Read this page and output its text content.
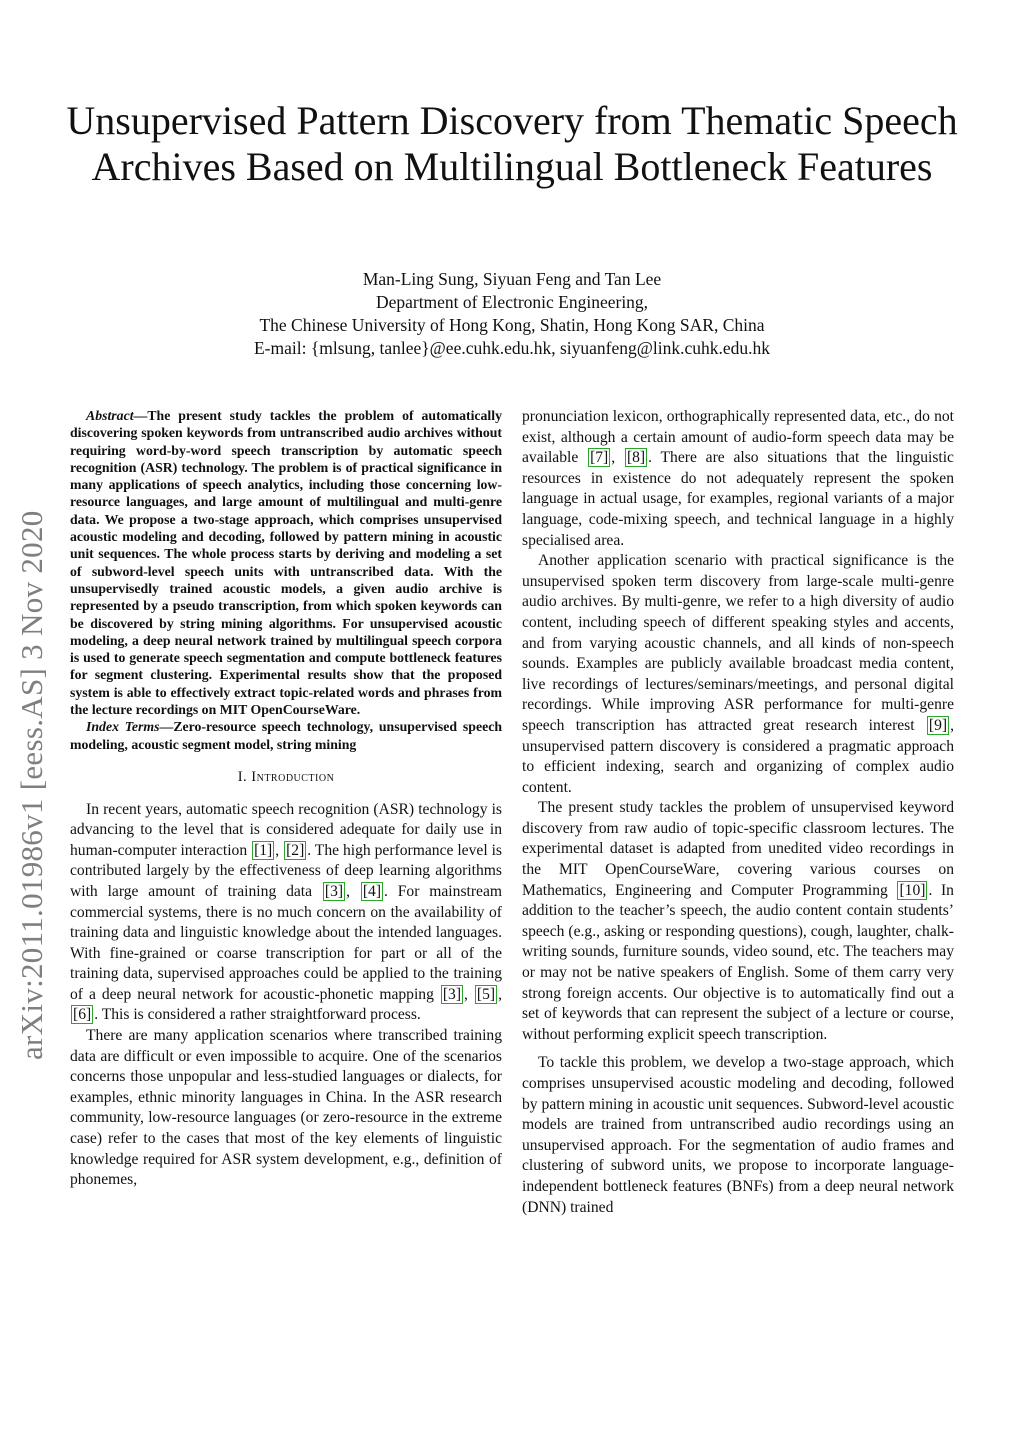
arXiv:2011.01986v1 [eess.AS] 3 Nov 2020
Unsupervised Pattern Discovery from Thematic Speech Archives Based on Multilingual Bottleneck Features
Man-Ling Sung, Siyuan Feng and Tan Lee
Department of Electronic Engineering,
The Chinese University of Hong Kong, Shatin, Hong Kong SAR, China
E-mail: {mlsung, tanlee}@ee.cuhk.edu.hk, siyuanfeng@link.cuhk.edu.hk

Abstract—The present study tackles the problem of automatically discovering spoken keywords from untranscribed audio archives without requiring word-by-word speech transcription by automatic speech recognition (ASR) technology. The problem is of practical significance in many applications of speech analytics, including those concerning low-resource languages, and large amount of multilingual and multi-genre data. We propose a two-stage approach, which comprises unsupervised acoustic modeling and decoding, followed by pattern mining in acoustic unit sequences. The whole process starts by deriving and modeling a set of subword-level speech units with untranscribed data. With the unsupervisedly trained acoustic models, a given audio archive is represented by a pseudo transcription, from which spoken keywords can be discovered by string mining algorithms. For unsupervised acoustic modeling, a deep neural network trained by multilingual speech corpora is used to generate speech segmentation and compute bottleneck features for segment clustering. Experimental results show that the proposed system is able to effectively extract topic-related words and phrases from the lecture recordings on MIT OpenCourseWare.

Index Terms—Zero-resource speech technology, unsupervised speech modeling, acoustic segment model, string mining

I. Introduction

In recent years, automatic speech recognition (ASR) technology is advancing to the level that is considered adequate for daily use in human-computer interaction [1] , [2] . The high performance level is contributed largely by the effectiveness of deep learning algorithms with large amount of training data [3] , [4] . For mainstream commercial systems, there is no much concern on the availability of training data and linguistic knowledge about the intended languages. With fine-grained or coarse transcription for part or all of the training data, supervised approaches could be applied to the training of a deep neural network for acoustic-phonetic mapping [3] , [5] , [6] . This is considered a rather straightforward process.

There are many application scenarios where transcribed training data are difficult or even impossible to acquire. One of the scenarios concerns those unpopular and less-studied languages or dialects, for examples, ethnic minority languages in China. In the ASR research community, low-resource languages (or zero-resource in the extreme case) refer to the cases that most of the key elements of linguistic knowledge required for ASR system development, e.g., definition of phonemes,

pronunciation lexicon, orthographically represented data, etc., do not exist, although a certain amount of audio-form speech data may be available [7] , [8] . There are also situations that the linguistic resources in existence do not adequately represent the spoken language in actual usage, for examples, regional variants of a major language, code-mixing speech, and technical language in a highly specialised area.

Another application scenario with practical significance is the unsupervised spoken term discovery from large-scale multi-genre audio archives. By multi-genre, we refer to a high diversity of audio content, including speech of different speaking styles and accents, and from varying acoustic channels, and all kinds of non-speech sounds. Examples are publicly available broadcast media content, live recordings of lectures/seminars/meetings, and personal digital recordings. While improving ASR performance for multi-genre speech transcription has attracted great research interest [9] , unsupervised pattern discovery is considered a pragmatic approach to efficient indexing, search and organizing of complex audio content.

The present study tackles the problem of unsupervised keyword discovery from raw audio of topic-specific classroom lectures. The experimental dataset is adapted from unedited video recordings in the MIT OpenCourseWare, covering various courses on Mathematics, Engineering and Computer Programming [10] . In addition to the teacher’s speech, the audio content contain students’ speech (e.g., asking or responding questions), cough, laughter, chalk-writing sounds, furniture sounds, video sound, etc. The teachers may or may not be native speakers of English. Some of them carry very strong foreign accents. Our objective is to automatically find out a set of keywords that can represent the subject of a lecture or course, without performing explicit speech transcription.

To tackle this problem, we develop a two-stage approach, which comprises unsupervised acoustic modeling and decoding, followed by pattern mining in acoustic unit sequences. Subword-level acoustic models are trained from untranscribed audio recordings using an unsupervised approach. For the segmentation of audio frames and clustering of subword units, we propose to incorporate language-independent bottleneck features (BNFs) from a deep neural network (DNN) trained
